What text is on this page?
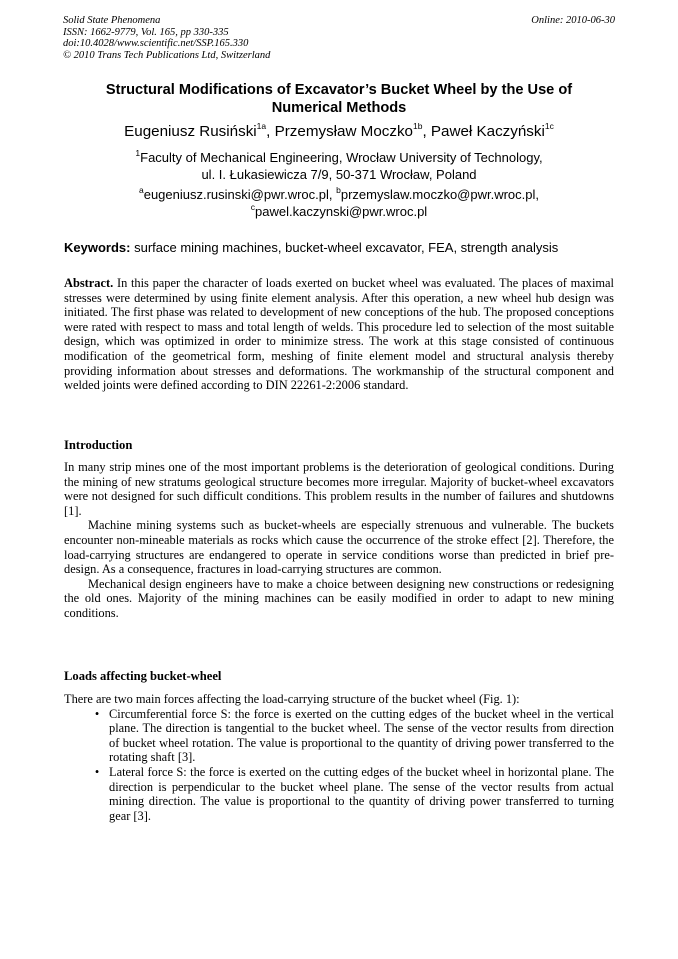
Solid State Phenomena
ISSN: 1662-9779, Vol. 165, pp 330-335
doi:10.4028/www.scientific.net/SSP.165.330
© 2010 Trans Tech Publications Ltd, Switzerland
Online: 2010-06-30
Structural Modifications of Excavator’s Bucket Wheel by the Use of Numerical Methods
Eugeniusz Rusiński$^{1a}$, Przemysław Moczko$^{1b}$, Paweł Kaczyński$^{1c}$
$^1$Faculty of Mechanical Engineering, Wrocław University of Technology,
ul. I. Łukasiewicza 7/9, 50-371 Wrocław, Poland
$^a$eugeniusz.rusinski@pwr.wroc.pl, $^b$przemyslaw.moczko@pwr.wroc.pl,
$^c$pawel.kaczynski@pwr.wroc.pl
Keywords: surface mining machines, bucket-wheel excavator, FEA, strength analysis
Abstract. In this paper the character of loads exerted on bucket wheel was evaluated. The places of maximal stresses were determined by using finite element analysis. After this operation, a new wheel hub design was initiated. The first phase was related to development of new conceptions of the hub. The proposed conceptions were rated with respect to mass and total length of welds. This procedure led to selection of the most suitable design, which was optimized in order to minimize stress. The work at this stage consisted of continuous modification of the geometrical form, meshing of finite element model and structural analysis thereby providing information about stresses and deformations. The workmanship of the structural component and welded joints were defined according to DIN 22261-2:2006 standard.
Introduction

In many strip mines one of the most important problems is the deterioration of geological conditions. During the mining of new stratums geological structure becomes more irregular. Majority of bucket-wheel excavators were not designed for such difficult conditions. This problem results in the number of failures and shutdowns [1].

Machine mining systems such as bucket-wheels are especially strenuous and vulnerable. The buckets encounter non-mineable materials as rocks which cause the occurrence of the stroke effect [2]. Therefore, the load-carrying structures are endangered to operate in service conditions worse than predicted in brief pre-design. As a consequence, fractures in load-carrying structures are common.

Mechanical design engineers have to make a choice between designing new constructions or redesigning the old ones. Majority of the mining machines can be easily modified in order to adapt to new mining conditions.

Loads affecting bucket-wheel

There are two main forces affecting the load-carrying structure of the bucket wheel (Fig. 1):

• Circumferential force S: the force is exerted on the cutting edges of the bucket wheel in the vertical plane. The direction is tangential to the bucket wheel. The sense of the vector results from direction of bucket wheel rotation. The value is proportional to the quantity of driving power transferred to the rotating shaft [3].
• Lateral force S: the force is exerted on the cutting edges of the bucket wheel in horizontal plane. The direction is perpendicular to the bucket wheel plane. The sense of the vector results from actual mining direction. The value is proportional to the quantity of driving power transferred to turning gear [3].
